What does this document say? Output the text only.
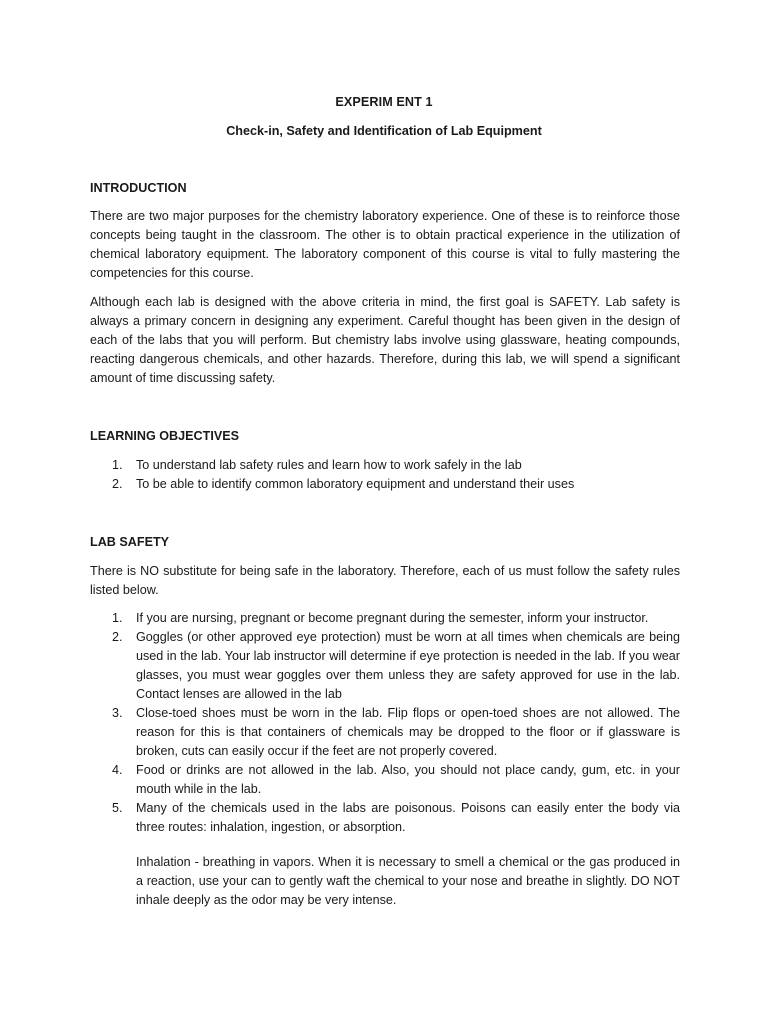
EXPERIM ENT 1
Check-in, Safety and Identification of Lab Equipment
INTRODUCTION

There are two major purposes for the chemistry laboratory experience. One of these is to reinforce those concepts being taught in the classroom. The other is to obtain practical experience in the utilization of chemical laboratory equipment. The laboratory component of this course is vital to fully mastering the competencies for this course.

Although each lab is designed with the above criteria in mind, the first goal is SAFETY. Lab safety is always a primary concern in designing any experiment. Careful thought has been given in the design of each of the labs that you will perform. But chemistry labs involve using glassware, heating compounds, reacting dangerous chemicals, and other hazards. Therefore, during this lab, we will spend a significant amount of time discussing safety.

LEARNING OBJECTIVES
1. To understand lab safety rules and learn how to work safely in the lab
2. To be able to identify common laboratory equipment and understand their uses
LAB SAFETY

There is NO substitute for being safe in the laboratory. Therefore, each of us must follow the safety rules listed below.

1. If you are nursing, pregnant or become pregnant during the semester, inform your instructor.
2. Goggles (or other approved eye protection) must be worn at all times when chemicals are being used in the lab. Your lab instructor will determine if eye protection is needed in the lab. If you wear glasses, you must wear goggles over them unless they are safety approved for use in the lab. Contact lenses are allowed in the lab
3. Close-toed shoes must be worn in the lab. Flip flops or open-toed shoes are not allowed. The reason for this is that containers of chemicals may be dropped to the floor or if glassware is broken, cuts can easily occur if the feet are not properly covered.
4. Food or drinks are not allowed in the lab. Also, you should not place candy, gum, etc. in your mouth while in the lab.
5. Many of the chemicals used in the labs are poisonous. Poisons can easily enter the body via three routes: inhalation, ingestion, or absorption.

Inhalation - breathing in vapors. When it is necessary to smell a chemical or the gas produced in a reaction, use your can to gently waft the chemical to your nose and breathe in slightly. DO NOT inhale deeply as the odor may be very intense.
